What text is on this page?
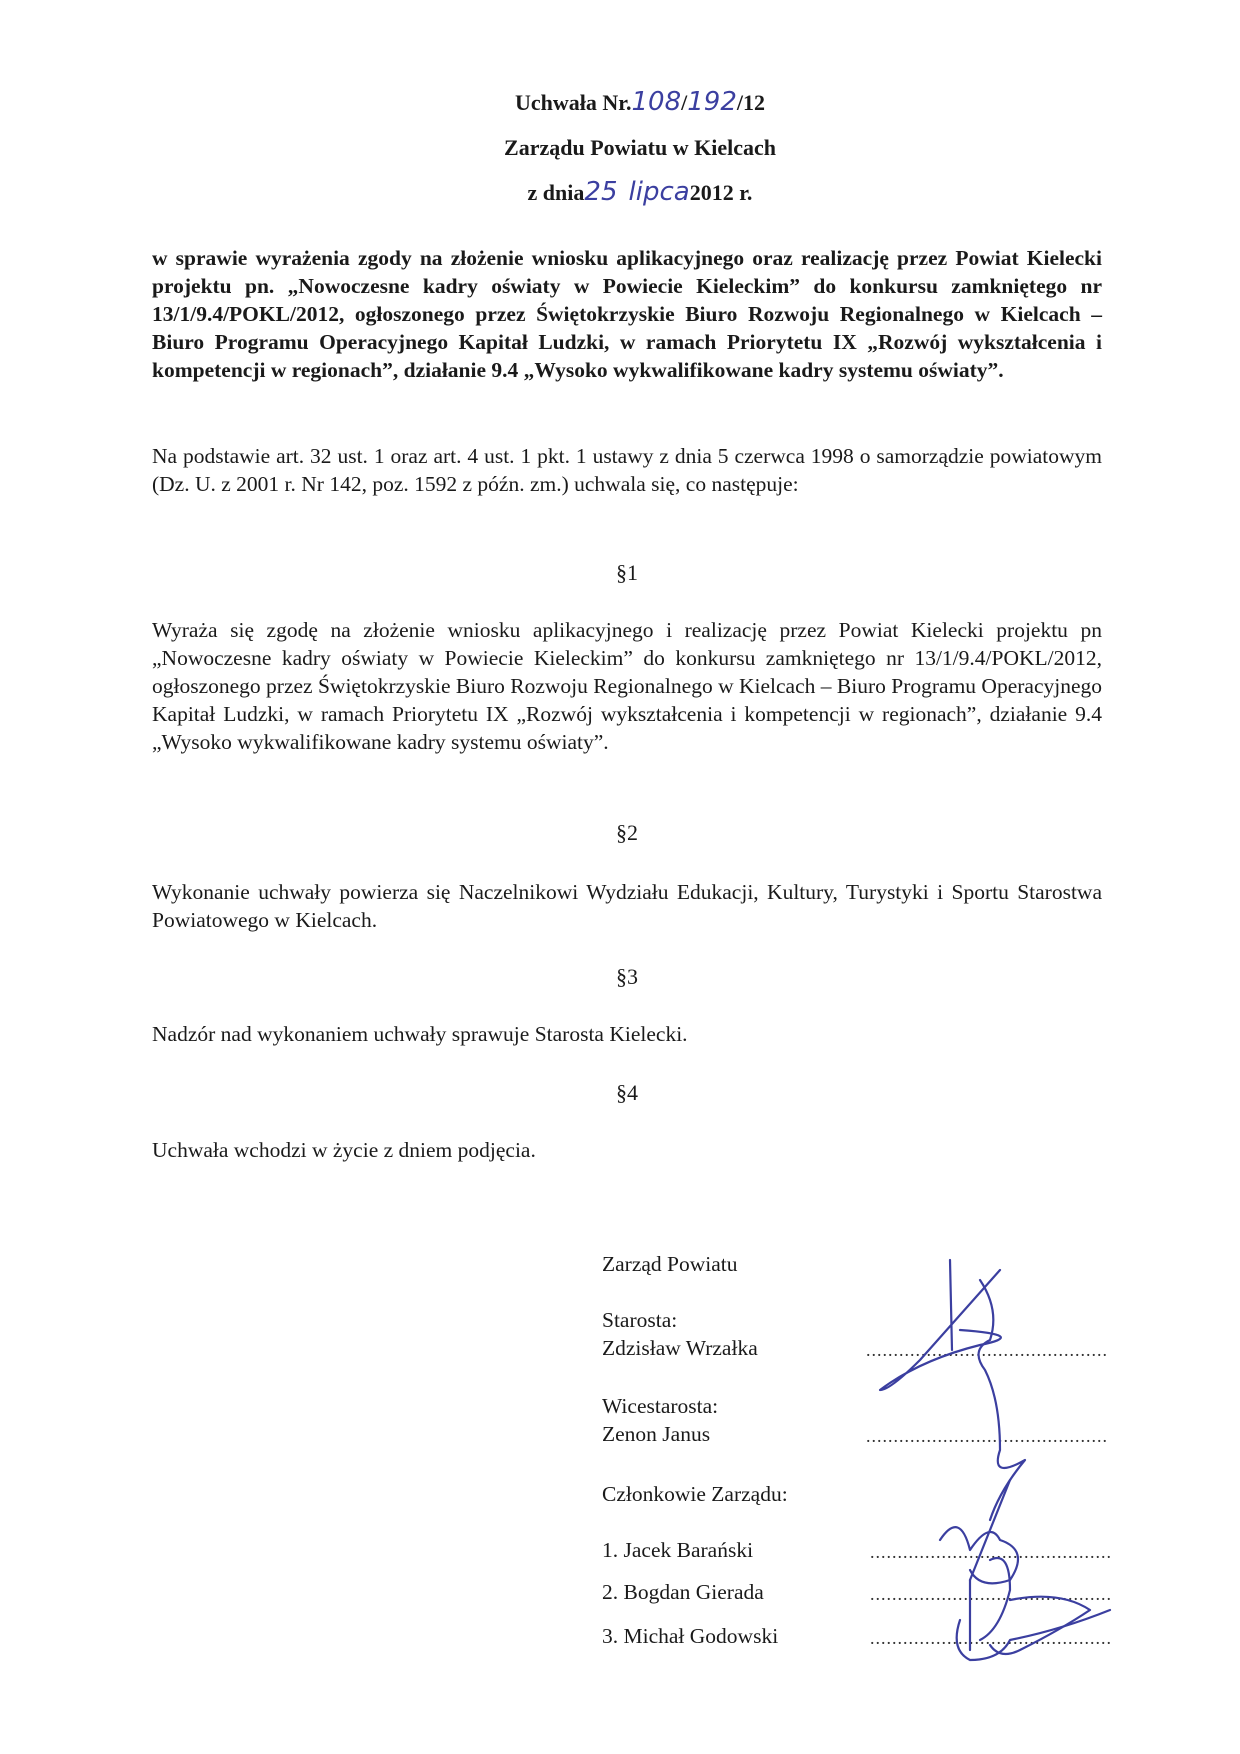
Uchwała Nr.108/192/12
Zarządu Powiatu w Kielcach
z dnia25 lipca2012 r.
w sprawie wyrażenia zgody na złożenie wniosku aplikacyjnego oraz realizację przez Powiat Kielecki projektu pn. „Nowoczesne kadry oświaty w Powiecie Kieleckim” do konkursu zamkniętego nr 13/1/9.4/POKL/2012, ogłoszonego przez Świętokrzyskie Biuro Rozwoju Regionalnego w Kielcach – Biuro Programu Operacyjnego Kapitał Ludzki, w ramach Priorytetu IX „Rozwój wykształcenia i kompetencji w regionach”, działanie 9.4 „Wysoko wykwalifikowane kadry systemu oświaty”.
Na podstawie art. 32 ust. 1 oraz art. 4 ust. 1 pkt. 1 ustawy z dnia 5 czerwca 1998 o samorządzie powiatowym (Dz. U. z 2001 r. Nr 142, poz. 1592 z późn. zm.) uchwala się, co następuje:
§1
Wyraża się zgodę na złożenie wniosku aplikacyjnego i realizację przez Powiat Kielecki projektu pn „Nowoczesne kadry oświaty w Powiecie Kieleckim” do konkursu zamkniętego nr 13/1/9.4/POKL/2012, ogłoszonego przez Świętokrzyskie Biuro Rozwoju Regionalnego w Kielcach – Biuro Programu Operacyjnego Kapitał Ludzki, w ramach Priorytetu IX „Rozwój wykształcenia i kompetencji w regionach”, działanie 9.4 „Wysoko wykwalifikowane kadry systemu oświaty”.
§2
Wykonanie uchwały powierza się Naczelnikowi Wydziału Edukacji, Kultury, Turystyki i Sportu Starostwa Powiatowego w Kielcach.
§3
Nadzór nad wykonaniem uchwały sprawuje Starosta Kielecki.
§4
Uchwała wchodzi w życie z dniem podjęcia.
Zarząd Powiatu
Starosta:
Zdzisław Wrzałka	............................................
Wicestarosta:
Zenon Janus	............................................
Członkowie Zarządu:
1. Jacek Barański	............................................
2. Bogdan Gierada	............................................
3. Michał Godowski	............................................
